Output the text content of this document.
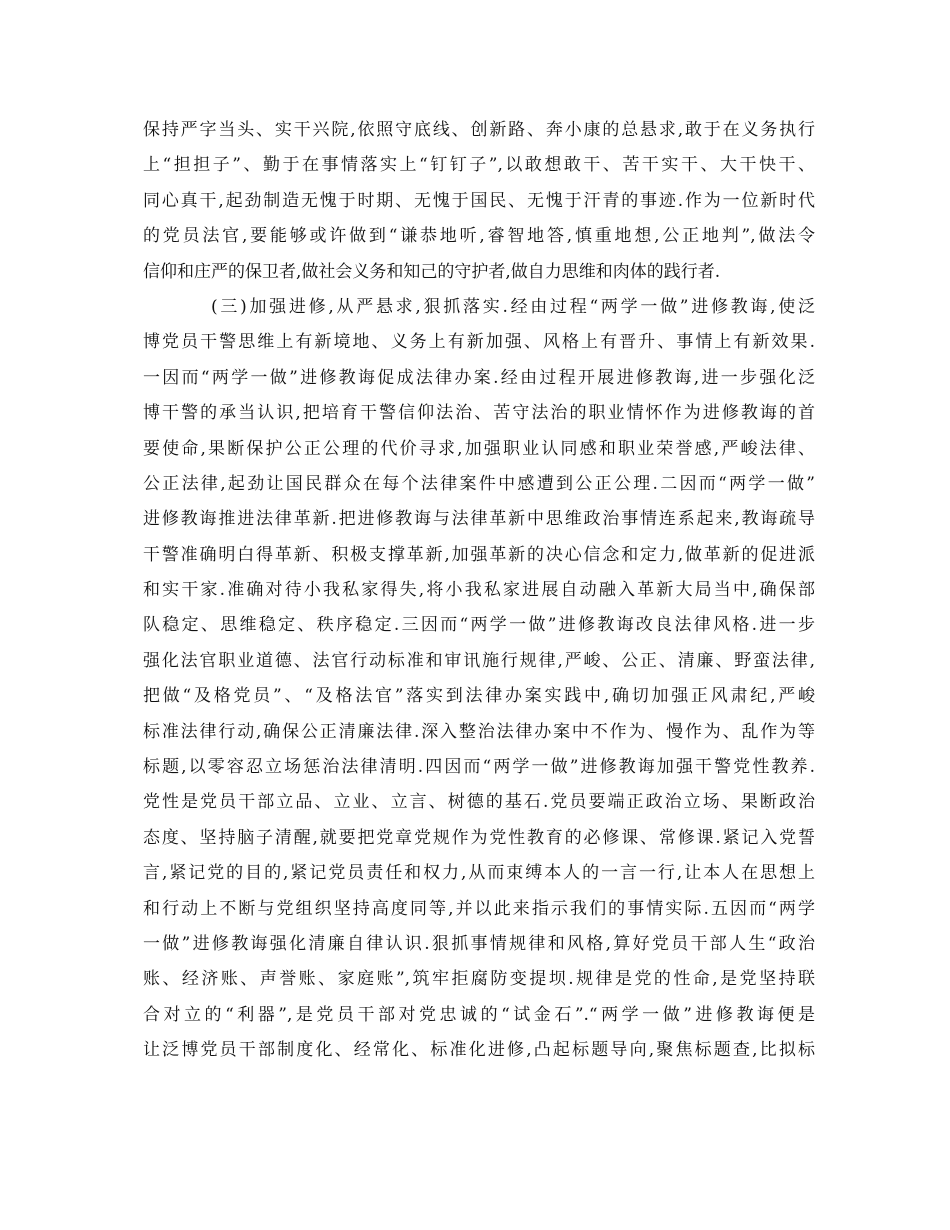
保持严字当头、实干兴院,依照守底线、创新路、奔小康的总悬求,敢于在义务执行
上“担担子”、勤于在事情落实上“钉钉子”,以敢想敢干、苦干实干、大干快干、
同心真干,起劲制造无愧于时期、无愧于国民、无愧于汗青的事迹.作为一位新时代
的党员法官,要能够或许做到“谦恭地听,睿智地答,慎重地想,公正地判”,做法令
信仰和庄严的保卫者,做社会义务和知己的守护者,做自力思维和肉体的践行者.
(三)加强进修,从严悬求,狠抓落实.经由过程“两学一做”进修教诲,使泛
博党员干警思维上有新境地、义务上有新加强、风格上有晋升、事情上有新效果.
一因而“两学一做”进修教诲促成法律办案.经由过程开展进修教诲,进一步强化泛
博干警的承当认识,把培育干警信仰法治、苦守法治的职业情怀作为进修教诲的首
要使命,果断保护公正公理的代价寻求,加强职业认同感和职业荣誉感,严峻法律、
公正法律,起劲让国民群众在每个法律案件中感遭到公正公理.二因而“两学一做”
进修教诲推进法律革新.把进修教诲与法律革新中思维政治事情连系起来,教诲疏导
干警准确明白得革新、积极支撑革新,加强革新的决心信念和定力,做革新的促进派
和实干家.准确对待小我私家得失,将小我私家进展自动融入革新大局当中,确保部
队稳定、思维稳定、秩序稳定.三因而“两学一做”进修教诲改良法律风格.进一步
强化法官职业道德、法官行动标准和审讯施行规律,严峻、公正、清廉、野蛮法律,
把做“及格党员”、“及格法官”落实到法律办案实践中,确切加强正风肃纪,严峻
标准法律行动,确保公正清廉法律.深入整治法律办案中不作为、慢作为、乱作为等
标题,以零容忍立场惩治法律清明.四因而“两学一做”进修教诲加强干警党性教养.
党性是党员干部立品、立业、立言、树德的基石.党员要端正政治立场、果断政治
态度、坚持脑子清醒,就要把党章党规作为党性教育的必修课、常修课.紧记入党誓
言,紧记党的目的,紧记党员责任和权力,从而束缚本人的一言一行,让本人在思想上
和行动上不断与党组织坚持高度同等,并以此来指示我们的事情实际.五因而“两学
一做”进修教诲强化清廉自律认识.狠抓事情规律和风格,算好党员干部人生“政治
账、经济账、声誉账、家庭账”,筑牢拒腐防变提坝.规律是党的性命,是党坚持联
合对立的“利器”,是党员干部对党忠诚的“试金石”.“两学一做”进修教诲便是
让泛博党员干部制度化、经常化、标准化进修,凸起标题导向,聚焦标题查,比拟标
